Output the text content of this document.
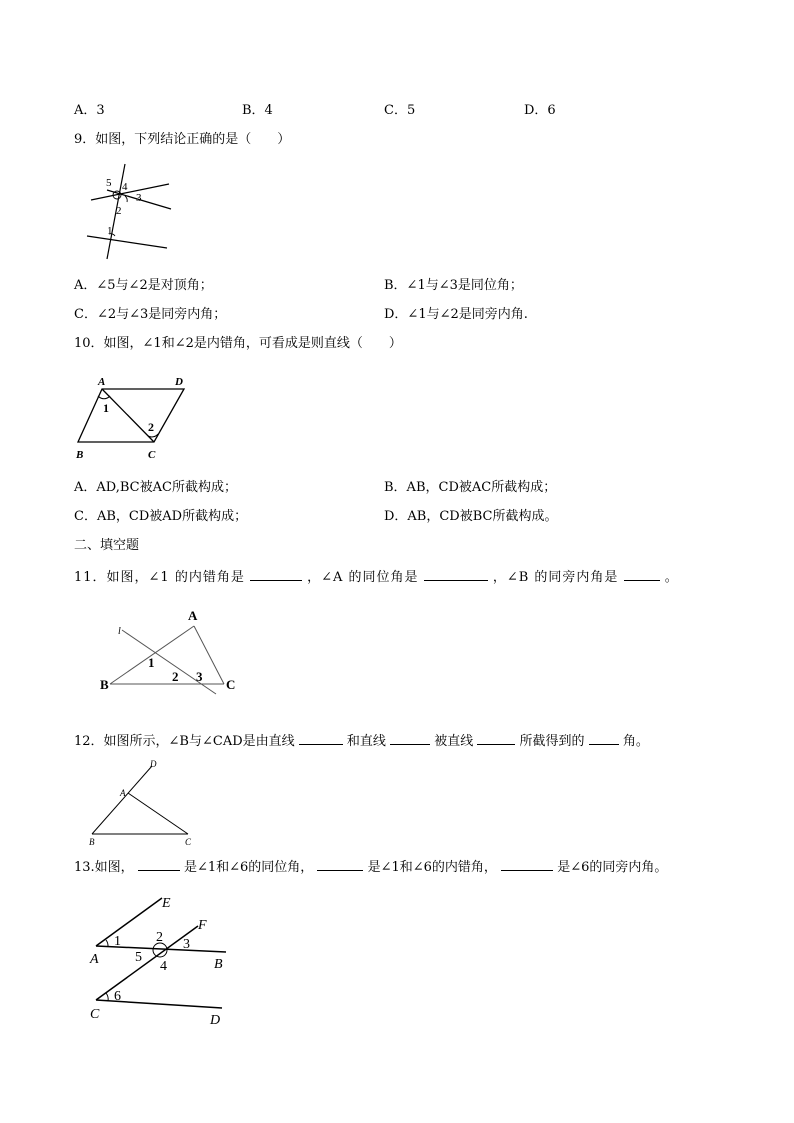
A．3	B．4	C．5	D．6
9．如图，下列结论正确的是（　　）
5 4
3
2
1
A．∠5与∠2是对顶角；	B．∠1与∠3是同位角；
C．∠2与∠3是同旁内角；	D．∠1与∠2是同旁内角.
10．如图，∠1和∠2是内错角，可看成是则直线（　　）
A	D
B	C
1
2
A．AD,BC被AC所截构成；	B．AB，CD被AC所截构成；
C．AB，CD被AD所截构成；	D．AB，CD被BC所截构成。
二、填空题
11．如图，∠1 的内错角是	，∠A 的同位角是	，∠B 的同旁内角是	。
l
A
B	C
1
2 3
12．如图所示，∠B与∠CAD是由直线	和直线	被直线	所截得到的	角。
D
A
B	C
13.如图，	是∠1和∠6的同位角，	是∠1和∠6的内错角，	是∠6的同旁内角。
E
F
A	B
C	D
1	2 3
4
5
6
